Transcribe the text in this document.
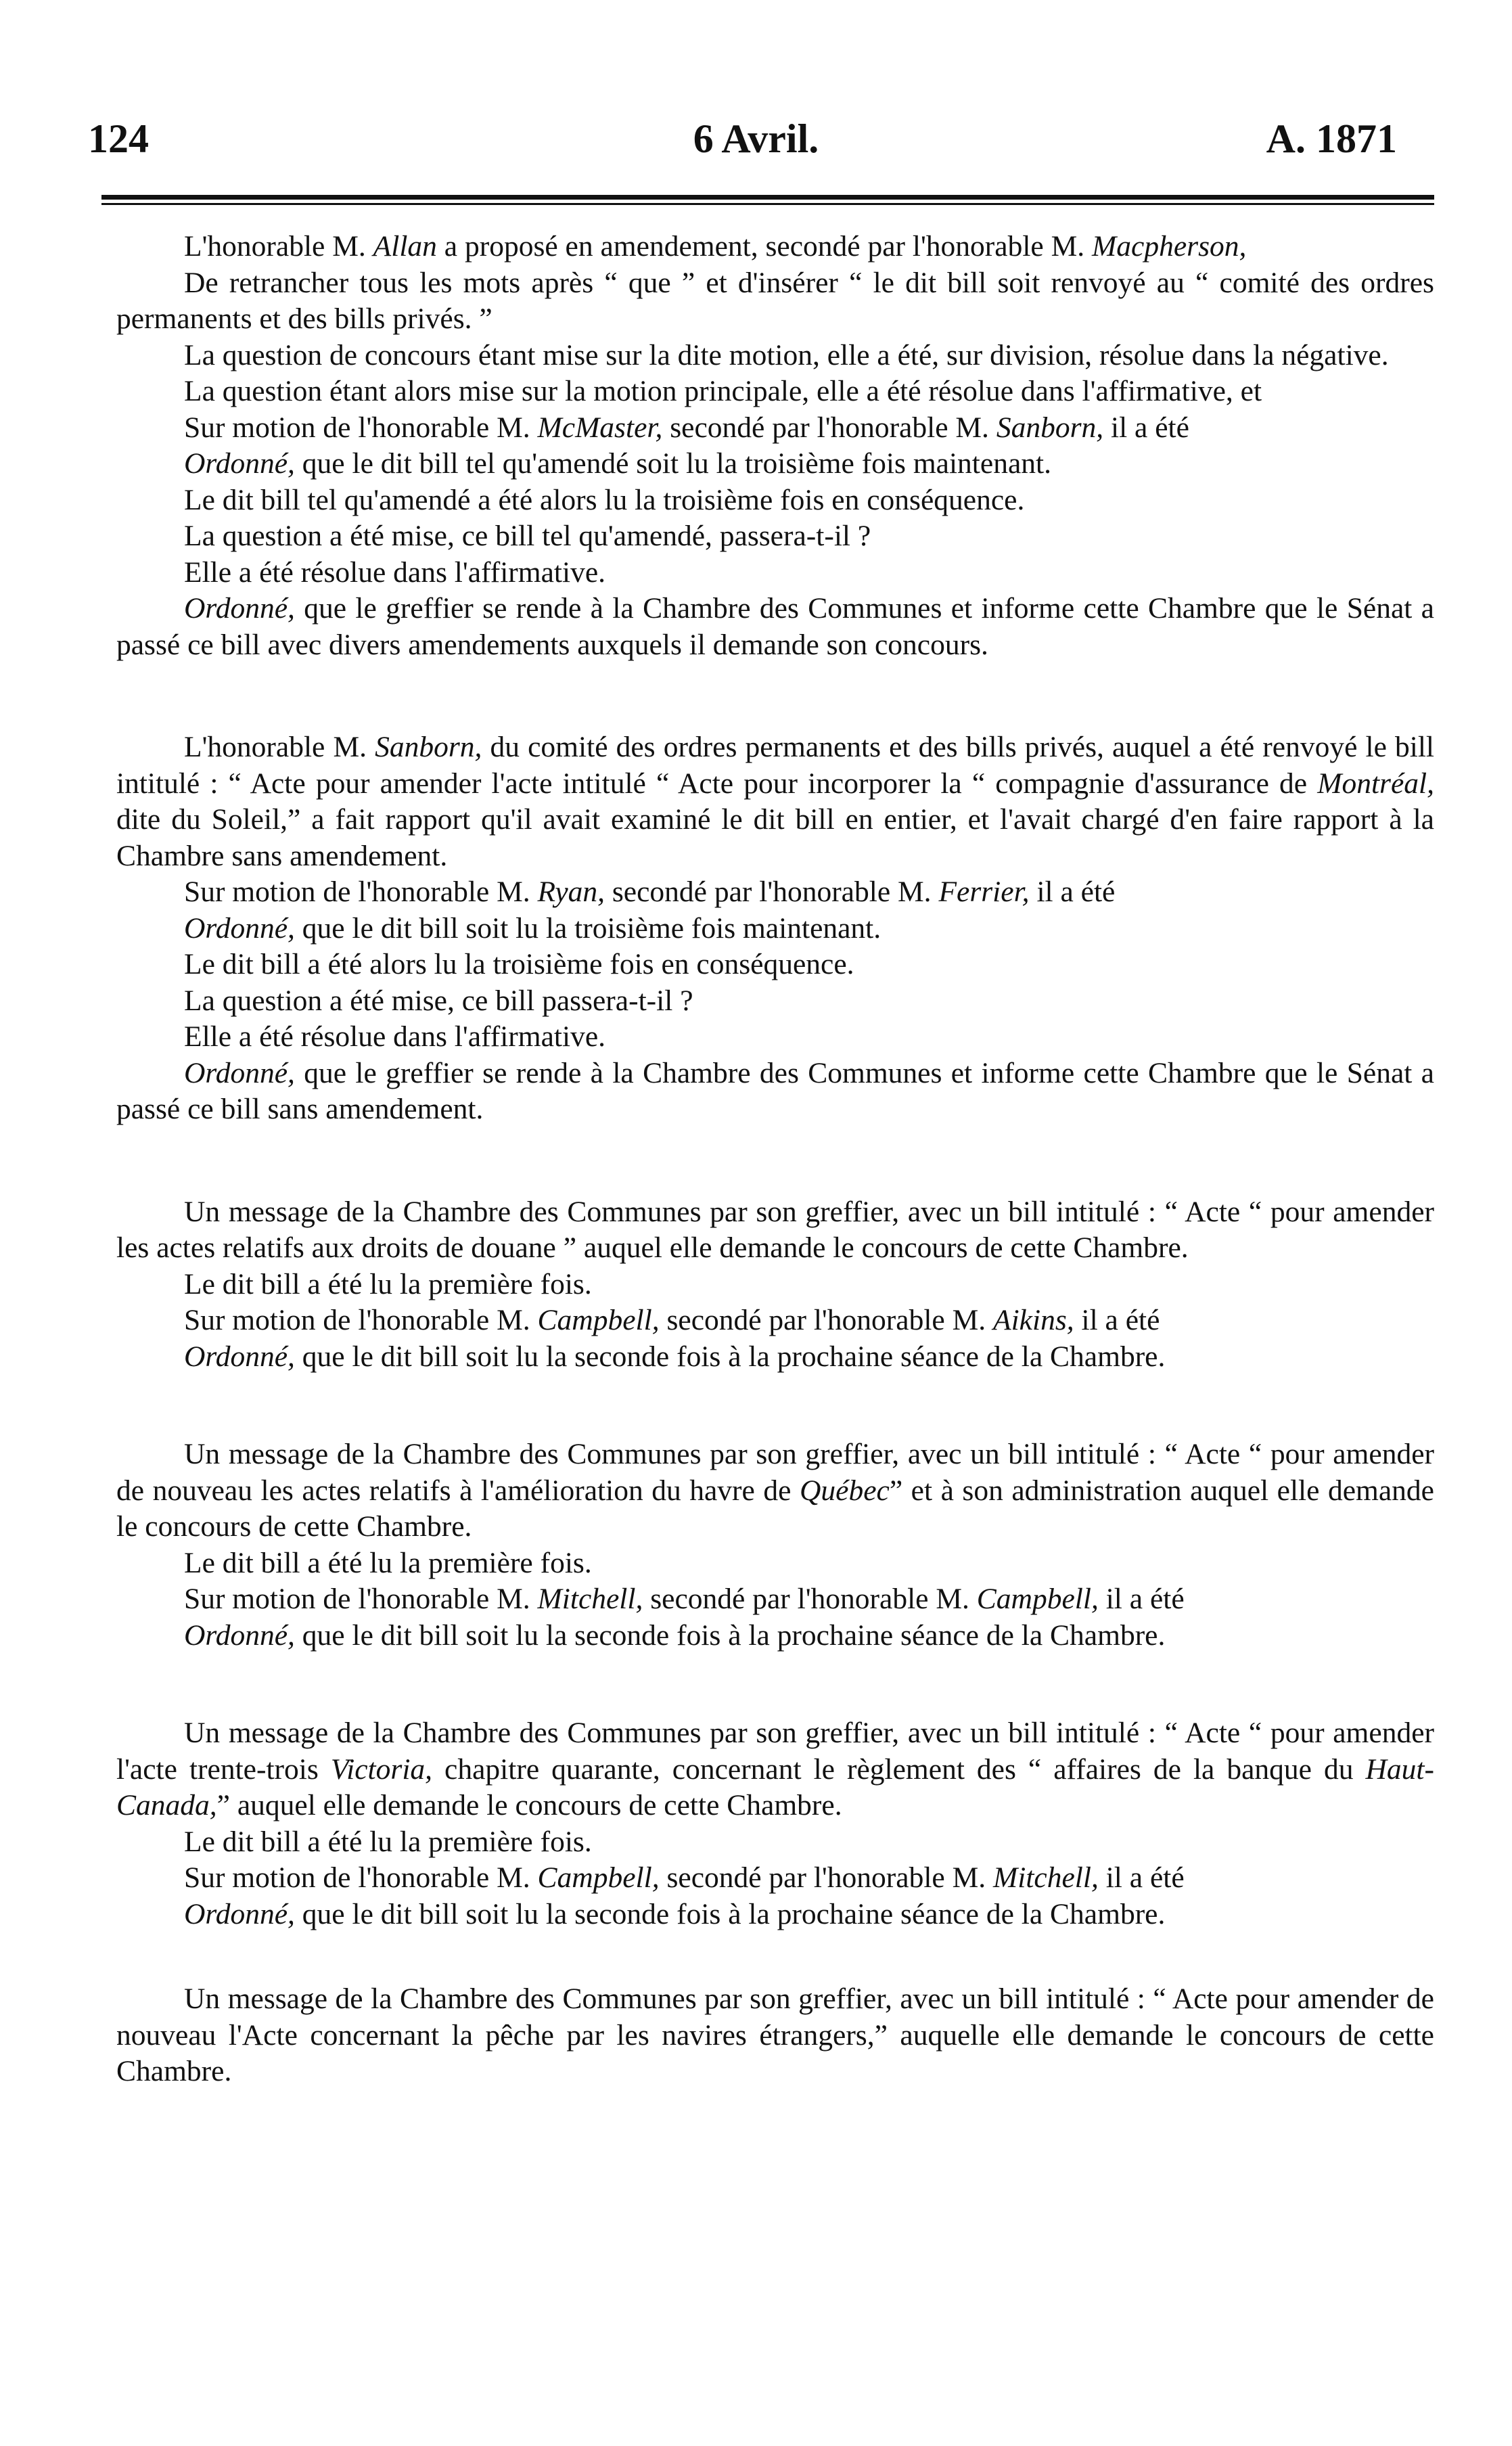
124	6 Avril.	A. 1871

L'honorable M. Allan a proposé en amendement, secondé par l'honorable M. Macpherson,

De retrancher tous les mots après “ que ” et d'insérer “ le dit bill soit renvoyé au “ comité des ordres permanents et des bills privés. ”

La question de concours étant mise sur la dite motion, elle a été, sur division, résolue dans la négative.

La question étant alors mise sur la motion principale, elle a été résolue dans l'affirmative, et

Sur motion de l'honorable M. McMaster, secondé par l'honorable M. Sanborn, il a été

Ordonné, que le dit bill tel qu'amendé soit lu la troisième fois maintenant.

Le dit bill tel qu'amendé a été alors lu la troisième fois en conséquence.

La question a été mise, ce bill tel qu'amendé, passera-t-il ?

Elle a été résolue dans l'affirmative.

Ordonné, que le greffier se rende à la Chambre des Communes et informe cette Chambre que le Sénat a passé ce bill avec divers amendements auxquels il demande son concours.

L'honorable M. Sanborn, du comité des ordres permanents et des bills privés, auquel a été renvoyé le bill intitulé : “ Acte pour amender l'acte intitulé “ Acte pour incorporer la “ compagnie d'assurance de Montréal, dite du Soleil,” a fait rapport qu'il avait examiné le dit bill en entier, et l'avait chargé d'en faire rapport à la Chambre sans amendement.

Sur motion de l'honorable M. Ryan, secondé par l'honorable M. Ferrier, il a été

Ordonné, que le dit bill soit lu la troisième fois maintenant.

Le dit bill a été alors lu la troisième fois en conséquence.

La question a été mise, ce bill passera-t-il ?

Elle a été résolue dans l'affirmative.

Ordonné, que le greffier se rende à la Chambre des Communes et informe cette Chambre que le Sénat a passé ce bill sans amendement.

Un message de la Chambre des Communes par son greffier, avec un bill intitulé : “ Acte “ pour amender les actes relatifs aux droits de douane ” auquel elle demande le concours de cette Chambre.

Le dit bill a été lu la première fois.

Sur motion de l'honorable M. Campbell, secondé par l'honorable M. Aikins, il a été

Ordonné, que le dit bill soit lu la seconde fois à la prochaine séance de la Chambre.

Un message de la Chambre des Communes par son greffier, avec un bill intitulé : “ Acte “ pour amender de nouveau les actes relatifs à l'amélioration du havre de Québec” et à son administration auquel elle demande le concours de cette Chambre.

Le dit bill a été lu la première fois.

Sur motion de l'honorable M. Mitchell, secondé par l'honorable M. Campbell, il a été

Ordonné, que le dit bill soit lu la seconde fois à la prochaine séance de la Chambre.

Un message de la Chambre des Communes par son greffier, avec un bill intitulé : “ Acte “ pour amender l'acte trente-trois Victoria, chapitre quarante, concernant le règlement des “ affaires de la banque du Haut-Canada,” auquel elle demande le concours de cette Chambre.

Le dit bill a été lu la première fois.

Sur motion de l'honorable M. Campbell, secondé par l'honorable M. Mitchell, il a été

Ordonné, que le dit bill soit lu la seconde fois à la prochaine séance de la Chambre.

Un message de la Chambre des Communes par son greffier, avec un bill intitulé : “ Acte pour amender de nouveau l'Acte concernant la pêche par les navires étrangers,” auquelle elle demande le concours de cette Chambre.
